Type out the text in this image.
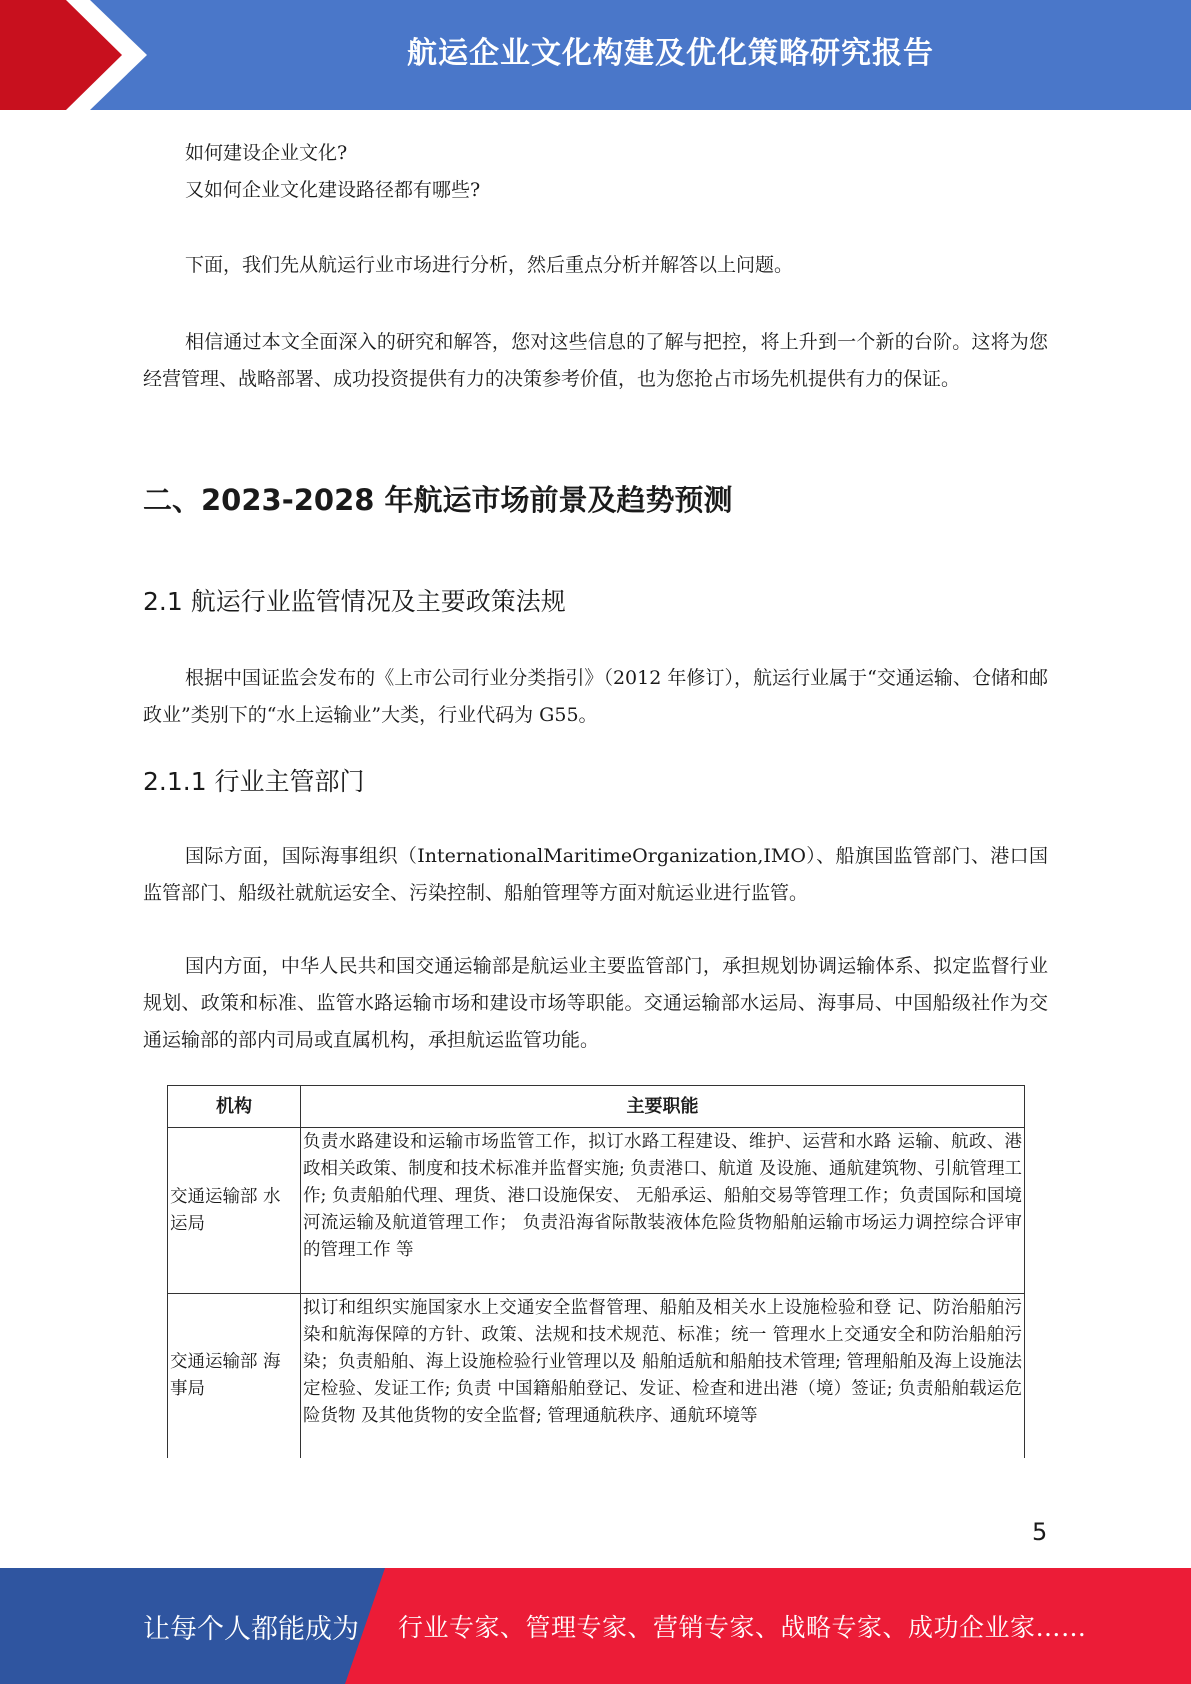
航运企业文化构建及优化策略研究报告
如何建设企业文化?
又如何企业文化建设路径都有哪些?
下面，我们先从航运行业市场进行分析，然后重点分析并解答以上问题。
相信通过本文全面深入的研究和解答，您对这些信息的了解与把控，将上升到一个新的台阶。这将为您经营管理、战略部署、成功投资提供有力的决策参考价值，也为您抢占市场先机提供有力的保证。
二、2023-2028 年航运市场前景及趋势预测
2.1 航运行业监管情况及主要政策法规
根据中国证监会发布的《上市公司行业分类指引》（2012 年修订），航运行业属于“交通运输、仓储和邮政业”类别下的“水上运输业”大类，行业代码为 G55。
2.1.1 行业主管部门
国际方面，国际海事组织（InternationalMaritimeOrganization,IMO）、船旗国监管部门、港口国监管部门、船级社就航运安全、污染控制、船舶管理等方面对航运业进行监管。
国内方面，中华人民共和国交通运输部是航运业主要监管部门，承担规划协调运输体系、拟定监督行业规划、政策和标准、监管水路运输市场和建设市场等职能。交通运输部水运局、海事局、中国船级社作为交通运输部的部内司局或直属机构，承担航运监管功能。
机构	主要职能
交通运输部 水运局	负责水路建设和运输市场监管工作，拟订水路工程建设、维护、运营和水路 运输、航政、港政相关政策、制度和技术标准并监督实施; 负责港口、航道 及设施、通航建筑物、引航管理工作; 负责船舶代理、理货、港口设施保安、 无船承运、船舶交易等管理工作；负责国际和国境河流运输及航道管理工作； 负责沿海省际散装液体危险货物船舶运输市场运力调控综合评审的管理工作 等
交通运输部 海事局	拟订和组织实施国家水上交通安全监督管理、船舶及相关水上设施检验和登 记、防治船舶污染和航海保障的方针、政策、法规和技术规范、标准；统一 管理水上交通安全和防治船舶污染；负责船舶、海上设施检验行业管理以及 船舶适航和船舶技术管理; 管理船舶及海上设施法定检验、发证工作; 负责 中国籍船舶登记、发证、检查和进出港（境）签证; 负责船舶载运危险货物 及其他货物的安全监督; 管理通航秩序、通航环境等
5
让每个人都能成为 行业专家、管理专家、营销专家、战略专家、成功企业家……
